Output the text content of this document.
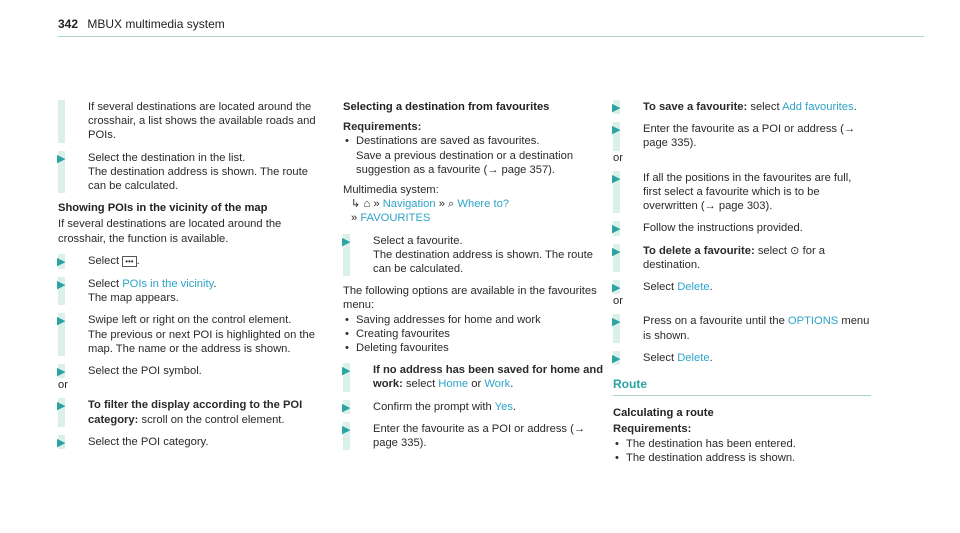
342 MBUX multimedia system

If several destinations are located around the crosshair, a list shows the available roads and POIs.

▶ Select the destination in the list.

The destination address is shown. The route can be calculated.

Showing POIs in the vicinity of the map

If several destinations are located around the crosshair, the function is available.

▶ Select ••• .

▶ Select POIs in the vicinity.

The map appears.

▶ Swipe left or right on the control element.

The previous or next POI is highlighted on the map. The name or the address is shown.

▶ Select the POI symbol.

or

▶ To filter the display according to the POI category: scroll on the control element.

▶ Select the POI category.

Selecting a destination from favourites

Requirements:

• Destinations are saved as favourites.

Save a previous destination or a destination suggestion as a favourite (→ page 357).

Multimedia system:

↳ ⌂ » Navigation » ⌕ Where to?

» FAVOURITES

▶ Select a favourite.

The destination address is shown. The route can be calculated.

The following options are available in the favourites menu:

• Saving addresses for home and work

• Creating favourites

• Deleting favourites

▶ If no address has been saved for home and work: select Home or Work.

▶ Confirm the prompt with Yes.

▶ Enter the favourite as a POI or address (→ page 335).

▶ To save a favourite: select Add favourites.

▶ Enter the favourite as a POI or address (→ page 335).

or

▶ If all the positions in the favourites are full, first select a favourite which is to be overwritten (→ page 303).

▶ Follow the instructions provided.

▶ To delete a favourite: select ⊙ for a destination.

▶ Select Delete.

or

▶ Press on a favourite until the OPTIONS menu is shown.

▶ Select Delete.

Route

Calculating a route

Requirements:

• The destination has been entered.

• The destination address is shown.
